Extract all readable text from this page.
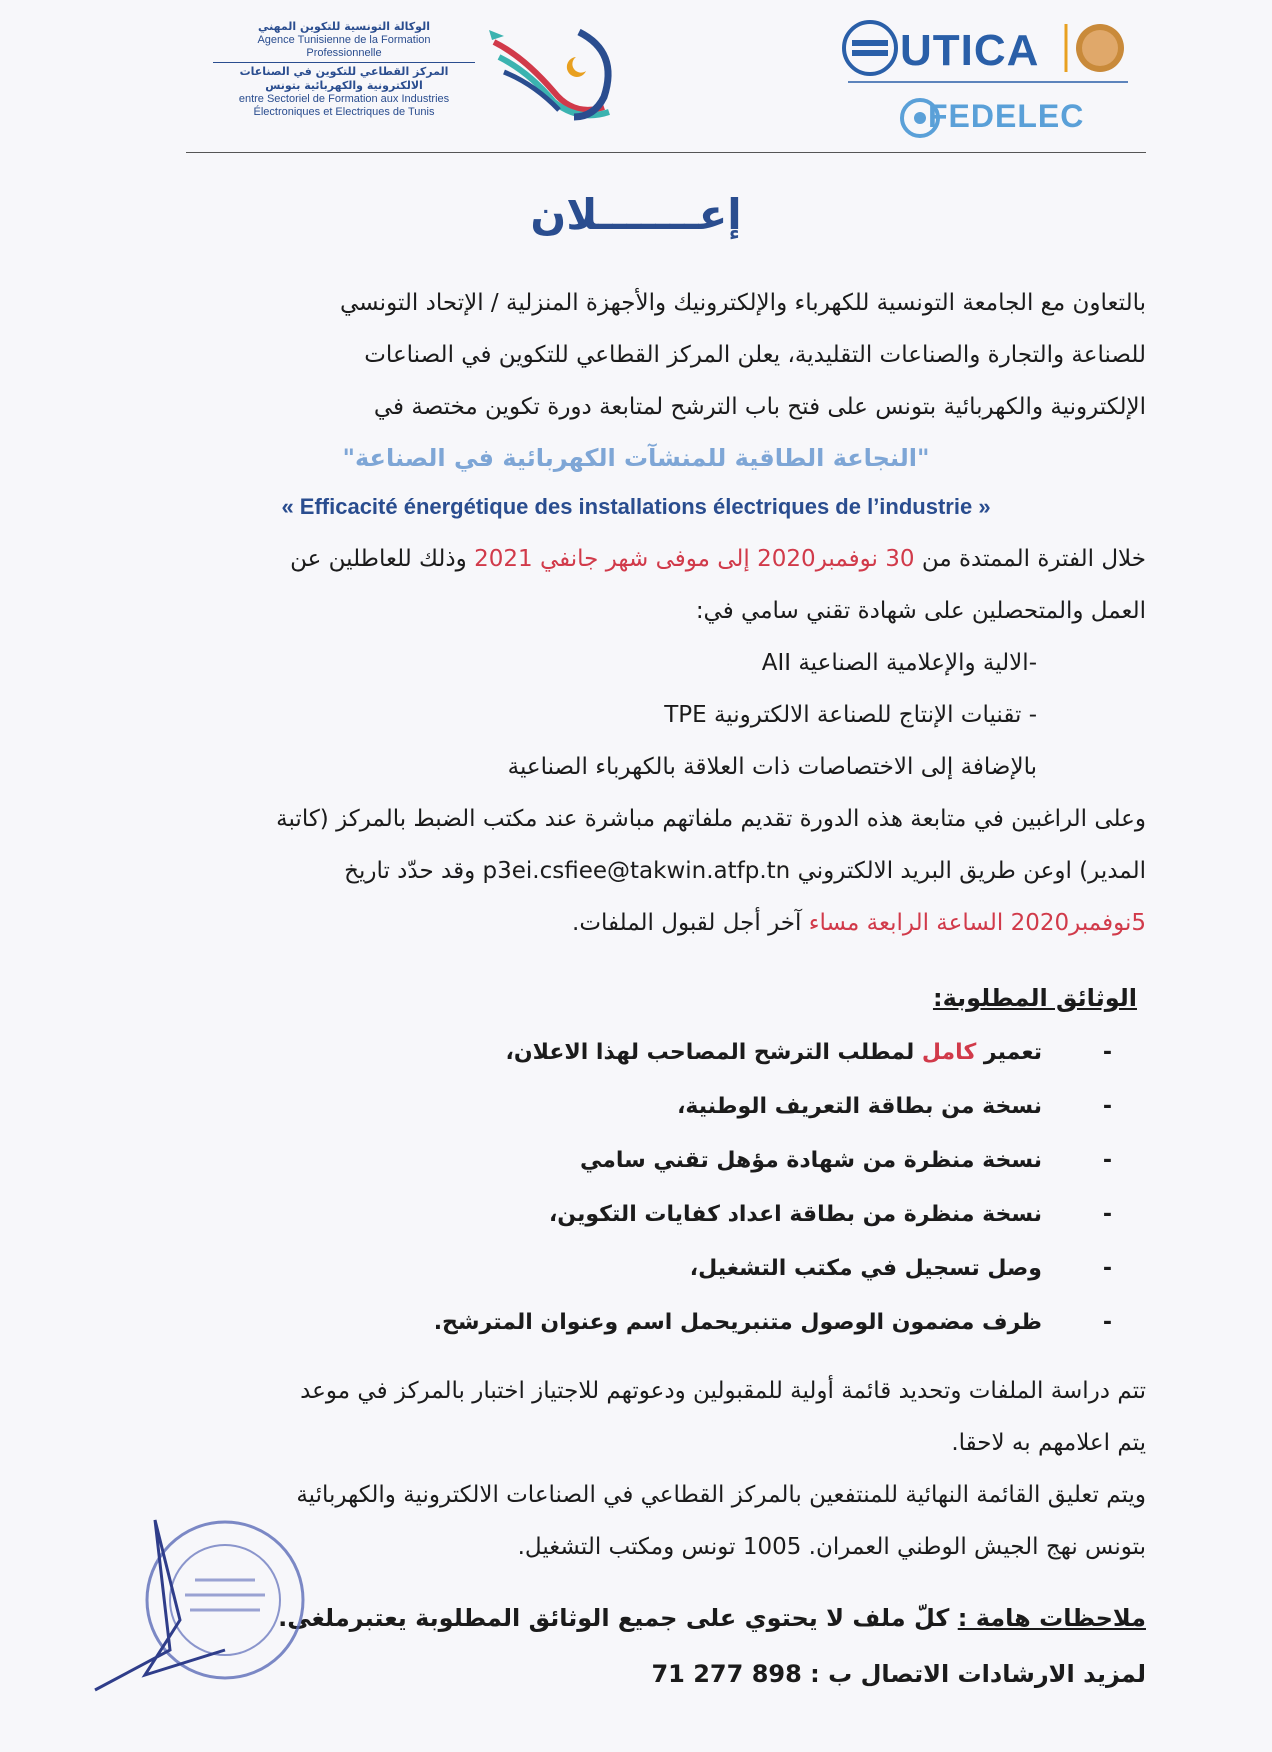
الوكالة التونسية للتكوين المهني
Agence Tunisienne de la Formation
Professionnelle
المركز القطاعي للتكوين في الصناعات
الالكترونية والكهربائية بتونس
entre Sectoriel de Formation aux Industries
Électroniques et Electriques de Tunis
UTICA
FEDELEC
إعـــــــلان
بالتعاون مع الجامعة التونسية للكهرباء والإلكترونيك والأجهزة المنزلية / الإتحاد التونسي
للصناعة والتجارة والصناعات التقليدية، يعلن المركز القطاعي للتكوين في الصناعات
الإلكترونية والكهربائية بتونس على فتح باب الترشح لمتابعة دورة تكوين مختصة في
"النجاعة الطاقية للمنشآت الكهربائية في الصناعة"
« Efficacité énergétique des installations électriques de l’industrie »
خلال الفترة الممتدة من 30 نوفمبر2020 إلى موفى شهر جانفي 2021 وذلك للعاطلين عن
العمل والمتحصلين على شهادة تقني سامي في:
-الالية والإعلامية الصناعية AII
- تقنيات الإنتاج للصناعة الالكترونية TPE
بالإضافة إلى الاختصاصات ذات العلاقة بالكهرباء الصناعية
وعلى الراغبين في متابعة هذه الدورة تقديم ملفاتهم مباشرة عند مكتب الضبط بالمركز (كاتبة
المدير) اوعن طريق البريد الالكتروني p3ei.csfiee@takwin.atfp.tn وقد حدّد تاريخ
5نوفمبر2020 الساعة الرابعة مساء آخر أجل لقبول الملفات.
الوثائق المطلوبة:
-
تعمير كامل لمطلب الترشح المصاحب لهذا الاعلان،
-
نسخة من بطاقة التعريف الوطنية،
-
نسخة منظرة من شهادة مؤهل تقني سامي
-
نسخة منظرة من بطاقة اعداد كفايات التكوين،
-
وصل تسجيل في مكتب التشغيل،
-
ظرف مضمون الوصول متنبريحمل اسم وعنوان المترشح.
تتم دراسة الملفات وتحديد قائمة أولية للمقبولين ودعوتهم للاجتياز اختبار بالمركز في موعد
يتم اعلامهم به لاحقا.
ويتم تعليق القائمة النهائية للمنتفعين بالمركز القطاعي في الصناعات الالكترونية والكهربائية
بتونس نهج الجيش الوطني العمران. 1005 تونس ومكتب التشغيل.
ملاحظات هامة : كلّ ملف لا يحتوي على جميع الوثائق المطلوبة يعتبرملغى.
لمزيد الارشادات الاتصال ب : 898 277 71
